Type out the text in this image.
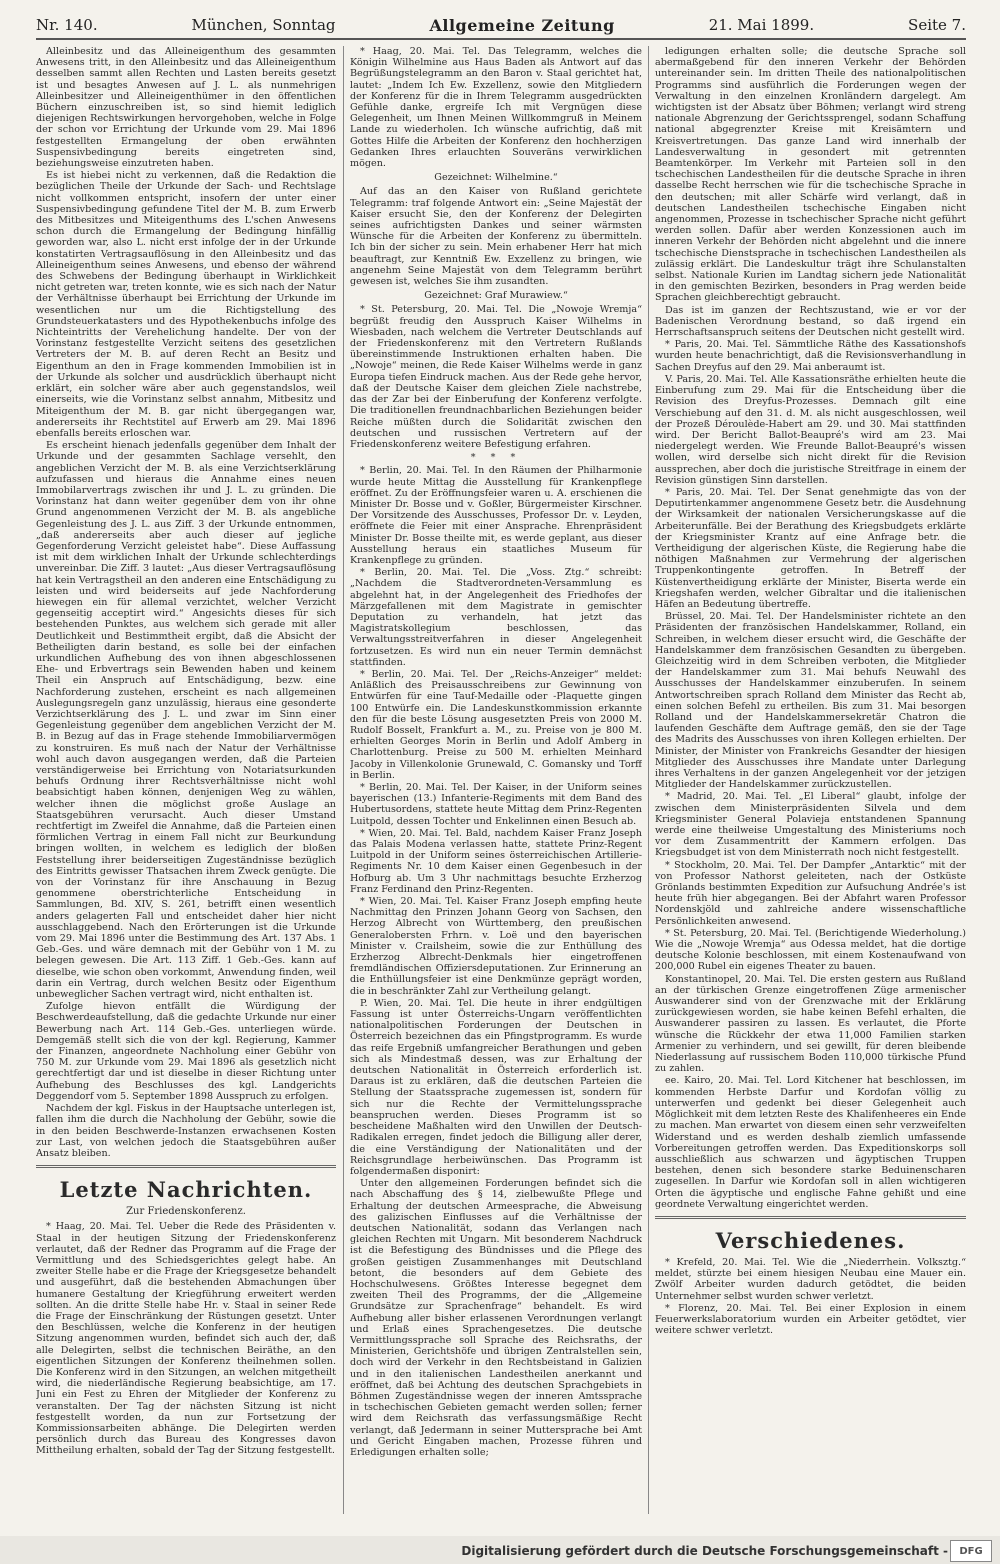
Nr. 140.	München, Sonntag	Allgemeine Zeitung	21. Mai 1899.	Seite 7.

Alleinbesitz und das Alleineigenthum des gesammten Anwesens tritt, in den Alleinbesitz und das Alleineigenthum desselben sammt allen Rechten und Lasten bereits gesetzt ist und besagtes Anwesen auf J. L. als nunmehrigen Alleinbesitzer und Alleineigenthümer in den öffentlichen Büchern einzuschreiben ist, so sind hiemit lediglich diejenigen Rechtswirkungen hervorgehoben, welche in Folge der schon vor Errichtung der Urkunde vom 29. Mai 1896 festgestellten Ermangelung der oben erwähnten Suspensivbedingung bereits eingetreten sind, beziehungsweise einzutreten haben.

Es ist hiebei nicht zu verkennen, daß die Redaktion die bezüglichen Theile der Urkunde der Sach- und Rechtslage nicht vollkommen entspricht, insofern der unter einer Suspensivbedingung gefundene Titel der M. B. zum Erwerb des Mitbesitzes und Miteigenthums des L'schen Anwesens schon durch die Ermangelung der Bedingung hinfällig geworden war, also L. nicht erst infolge der in der Urkunde konstatirten Vertragsauflösung in den Alleinbesitz und das Alleineigenthum seines Anwesens, und ebenso der während des Schwebens der Bedingung überhaupt in Wirklichkeit nicht getreten war, treten konnte, wie es sich nach der Natur der Verhältnisse überhaupt bei Errichtung der Urkunde im wesentlichen nur um die Richtigstellung des Grundsteuerkatasters und des Hypothekenbuchs infolge des Nichteintritts der Verehelichung handelte. Der von der Vorinstanz festgestellte Verzicht seitens des gesetzlichen Vertreters der M. B. auf deren Recht an Besitz und Eigenthum an den in Frage kommenden Immobilien ist in der Urkunde als solcher und ausdrücklich überhaupt nicht erklärt, ein solcher wäre aber auch gegenstandslos, weil einerseits, wie die Vorinstanz selbst annahm, Mitbesitz und Miteigenthum der M. B. gar nicht übergegangen war, andererseits ihr Rechtstitel auf Erwerb am 29. Mai 1896 ebenfalls bereits erloschen war.

Es erscheint hienach jedenfalls gegenüber dem Inhalt der Urkunde und der gesammten Sachlage versehlt, den angeblichen Verzicht der M. B. als eine Verzichtserklärung aufzufassen und hieraus die Annahme eines neuen Immobilarvertrags zwischen ihr und J. L. zu gründen. Die Vorinstanz hat dann weiter gegenüber dem von ihr ohne Grund angenommenen Verzicht der M. B. als angebliche Gegenleistung des J. L. aus Ziff. 3 der Urkunde entnommen, „daß andererseits aber auch dieser auf jegliche Gegenforderung Verzicht geleistet habe“. Diese Auffassung ist mit dem wirklichen Inhalt der Urkunde schlechterdings unvereinbar. Die Ziff. 3 lautet: „Aus dieser Vertragsauflösung hat kein Vertragstheil an den anderen eine Entschädigung zu leisten und wird beiderseits auf jede Nachforderung hiewegen ein für allemal verzichtet, welcher Verzicht gegenseitig acceptirt wird.“ Angesichts dieses für sich bestehenden Punktes, aus welchem sich gerade mit aller Deutlichkeit und Bestimmtheit ergibt, daß die Absicht der Betheiligten darin bestand, es solle bei der einfachen urkundlichen Aufhebung des von ihnen abgeschlossenen Ehe- und Erbvertrags sein Bewenden haben und keinem Theil ein Anspruch auf Entschädigung, bezw. eine Nachforderung zustehen, erscheint es nach allgemeinen Auslegungsregeln ganz unzulässig, hieraus eine gesonderte Verzichtserklärung des J. L. und zwar im Sinn einer Gegenleistung gegenüber dem angeblichen Verzicht der M. B. in Bezug auf das in Frage stehende Immobiliarvermögen zu konstruiren. Es muß nach der Natur der Verhältnisse wohl auch davon ausgegangen werden, daß die Parteien verständigerweise bei Errichtung von Notariatsurkunden behufs Ordnung ihrer Rechtsverhältnisse nicht wohl beabsichtigt haben können, denjenigen Weg zu wählen, welcher ihnen die möglichst große Auslage an Staatsgebühren verursacht. Auch dieser Umstand rechtfertigt im Zweifel die Annahme, daß die Parteien einen förmlichen Vertrag in einem Fall nicht zur Beurkundung bringen wollten, in welchem es lediglich der bloßen Feststellung ihrer beiderseitigen Zugeständnisse bezüglich des Eintritts gewisser Thatsachen ihrem Zweck genügte. Die von der Vorinstanz für ihre Anschauung in Bezug genommene oberstrichterliche Entscheidung in Sammlungen, Bd. XIV, S. 261, betrifft einen wesentlich anders gelagerten Fall und entscheidet daher hier nicht ausschlaggebend. Nach den Erörterungen ist die Urkunde vom 29. Mai 1896 unter die Bestimmung des Art. 137 Abs. 1 Geb.-Ges. und wäre demnach mit der Gebühr von 1 M. zu belegen gewesen. Die Art. 113 Ziff. 1 Geb.-Ges. kann auf dieselbe, wie schon oben vorkommt, Anwendung finden, weil darin ein Vertrag, durch welchen Besitz oder Eigenthum unbeweglicher Sachen vertragt wird, nicht enthalten ist.

Zufolge hievon entfällt die Würdigung der Beschwerdeaufstellung, daß die gedachte Urkunde nur einer Bewerbung nach Art. 114 Geb.-Ges. unterliegen würde. Demgemäß stellt sich die von der kgl. Regierung, Kammer der Finanzen, angeordnete Nachholung einer Gebühr von 750 M. zur Urkunde vom 29. Mai 1896 als gesetzlich nicht gerechtfertigt dar und ist dieselbe in dieser Richtung unter Aufhebung des Beschlusses des kgl. Landgerichts Deggendorf vom 5. September 1898 Ausspruch zu erfolgen.

Nachdem der kgl. Fiskus in der Hauptsache unterlegen ist, fallen ihm die durch die Nachholung der Gebühr, sowie die in den beiden Beschwerde-Instanzen erwachsenen Kosten zur Last, von welchen jedoch die Staatsgebühren außer Ansatz bleiben.

Letzte Nachrichten.
Zur Friedenskonferenz.

* Haag, 20. Mai. Tel. Ueber die Rede des Präsidenten v. Staal in der heutigen Sitzung der Friedenskonferenz verlautet, daß der Redner das Programm auf die Frage der Vermittlung und des Schiedsgerichtes gelegt habe. An zweiter Stelle habe er die Frage der Kriegsgesetze behandelt und ausgeführt, daß die bestehenden Abmachungen über humanere Gestaltung der Kriegführung erweitert werden sollten. An die dritte Stelle habe Hr. v. Staal in seiner Rede die Frage der Einschränkung der Rüstungen gesetzt. Unter den Beschlüssen, welche die Konferenz in der heutigen Sitzung angenommen wurden, befindet sich auch der, daß alle Delegirten, selbst die technischen Beiräthe, an den eigentlichen Sitzungen der Konferenz theilnehmen sollen. Die Konferenz wird in den Sitzungen, an welchen mitgetheilt wird, die niederländische Regierung beabsichtige, am 17. Juni ein Fest zu Ehren der Mitglieder der Konferenz zu veranstalten. Der Tag der nächsten Sitzung ist nicht festgestellt worden, da nun zur Fortsetzung der Kommissionsarbeiten abhänge. Die Delegirten werden persönlich durch das Bureau des Kongresses davon Mittheilung erhalten, sobald der Tag der Sitzung festgestellt.

* Haag, 20. Mai. Tel. Das Telegramm, welches die Königin Wilhelmine aus Haus Baden als Antwort auf das Begrüßungstelegramm an den Baron v. Staal gerichtet hat, lautet: „Indem Ich Ew. Exzellenz, sowie den Mitgliedern der Konferenz für die in Ihrem Telegramm ausgedrückten Gefühle danke, ergreife Ich mit Vergnügen diese Gelegenheit, um Ihnen Meinen Willkommgruß in Meinem Lande zu wiederholen. Ich wünsche aufrichtig, daß mit Gottes Hilfe die Arbeiten der Konferenz den hochherzigen Gedanken Ihres erlauchten Souveräns verwirklichen mögen.

Gezeichnet: Wilhelmine.“

Auf das an den Kaiser von Rußland gerichtete Telegramm: traf folgende Antwort ein: „Seine Majestät der Kaiser ersucht Sie, den der Konferenz der Delegirten seines aufrichtigsten Dankes und seiner wärmsten Wünsche für die Arbeiten der Konferenz zu übermitteln. Ich bin der sicher zu sein. Mein erhabener Herr hat mich beauftragt, zur Kenntniß Ew. Exzellenz zu bringen, wie angenehm Seine Majestät von dem Telegramm berührt gewesen ist, welches Sie ihm zusandten.

Gezeichnet: Graf Murawiew.“

* St. Petersburg, 20. Mai. Tel. Die „Nowoje Wremja“ begrüßt freudig den Ausspruch Kaiser Wilhelms in Wiesbaden, nach welchem die Vertreter Deutschlands auf der Friedenskonferenz mit den Vertretern Rußlands übereinstimmende Instruktionen erhalten haben. Die „Nowoje“ meinen, die Rede Kaiser Wilhelms werde in ganz Europa tiefen Eindruck machen. Aus der Rede gehe hervor, daß der Deutsche Kaiser dem gleichen Ziele nachstrebe, das der Zar bei der Einberufung der Konferenz verfolgte. Die traditionellen freundnachbarlichen Beziehungen beider Reiche müßten durch die Solidarität zwischen den deutschen und russischen Vertretern auf der Friedenskonferenz weitere Befestigung erfahren.

* * *

* Berlin, 20. Mai. Tel. In den Räumen der Philharmonie wurde heute Mittag die Ausstellung für Krankenpflege eröffnet. Zu der Eröffnungsfeier waren u. A. erschienen die Minister Dr. Bosse und v. Goßler, Bürgermeister Kirschner. Der Vorsitzende des Ausschusses, Professor Dr. v. Leyden, eröffnete die Feier mit einer Ansprache. Ehrenpräsident Minister Dr. Bosse theilte mit, es werde geplant, aus dieser Ausstellung heraus ein staatliches Museum für Krankenpflege zu gründen.

* Berlin, 20. Mai. Tel. Die „Voss. Ztg.“ schreibt: „Nachdem die Stadtverordneten-Versammlung es abgelehnt hat, in der Angelegenheit des Friedhofes der Märzgefallenen mit dem Magistrate in gemischter Deputation zu verhandeln, hat jetzt das Magistratskollegium beschlossen, das Verwaltungsstreitverfahren in dieser Angelegenheit fortzusetzen. Es wird nun ein neuer Termin demnächst stattfinden.

* Berlin, 20. Mai. Tel. Der „Reichs-Anzeiger“ meldet: Anläßlich des Preisausschreibens zur Gewinnung von Entwürfen für eine Tauf-Medaille oder -Plaquette gingen 100 Entwürfe ein. Die Landeskunstkommission erkannte den für die beste Lösung ausgesetzten Preis von 2000 M. Rudolf Bosselt, Frankfurt a. M., zu. Preise von je 800 M. erhielten Georges Morin in Berlin und Adolf Amberg in Charlottenburg. Preise zu 500 M. erhielten Meinhard Jacoby in Villenkolonie Grunewald, C. Gomansky und Torff in Berlin.

* Berlin, 20. Mai. Tel. Der Kaiser, in der Uniform seines bayerischen (13.) Infanterie-Regiments mit dem Band des Hubertusordens, stattete heute Mittag dem Prinz-Regenten Luitpold, dessen Tochter und Enkelinnen einen Besuch ab.

* Wien, 20. Mai. Tel. Bald, nachdem Kaiser Franz Joseph das Palais Modena verlassen hatte, stattete Prinz-Regent Luitpold in der Uniform seines österreichischen Artillerie-Regiments Nr. 10 dem Kaiser einen Gegenbesuch in der Hofburg ab. Um 3 Uhr nachmittags besuchte Erzherzog Franz Ferdinand den Prinz-Regenten.

* Wien, 20. Mai. Tel. Kaiser Franz Joseph empfing heute Nachmittag den Prinzen Johann Georg von Sachsen, den Herzog Albrecht von Württemberg, den preußischen Generalobersten Frhrn. v. Loë und den bayerischen Minister v. Crailsheim, sowie die zur Enthüllung des Erzherzog Albrecht-Denkmals hier eingetroffenen fremdländischen Offiziersdeputationen. Zur Erinnerung an die Enthüllungsfeier ist eine Denkmünze geprägt worden, die in beschränkter Zahl zur Vertheilung gelangt.

P. Wien, 20. Mai. Tel. Die heute in ihrer endgültigen Fassung ist unter Österreichs-Ungarn veröffentlichten nationalpolitischen Forderungen der Deutschen in Österreich bezeichnen das ein Pfingstprogramm. Es wurde das reife Ergebniß umfangreicher Berathungen und geben sich als Mindestmaß dessen, was zur Erhaltung der deutschen Nationalität in Österreich erforderlich ist. Daraus ist zu erklären, daß die deutschen Parteien die Stellung der Staatssprache zugemessen ist, sondern für sich nur die Rechte der Vermittelungssprache beanspruchen werden. Dieses Programm ist so bescheidene Maßhalten wird den Unwillen der Deutsch-Radikalen erregen, findet jedoch die Billigung aller derer, die eine Verständigung der Nationalitäten und der Reichsgrundlage herbeiwünschen. Das Programm ist folgendermaßen disponirt:

Unter den allgemeinen Forderungen befindet sich die nach Abschaffung des § 14, zielbewußte Pflege und Erhaltung der deutschen Armeesprache, die Abweisung des galizischen Einflusses auf die Verhältnisse der deutschen Nationalität, sodann das Verlangen nach gleichen Rechten mit Ungarn. Mit besonderem Nachdruck ist die Befestigung des Bündnisses und die Pflege des großen geistigen Zusammenhanges mit Deutschland betont, die besonders auf dem Gebiete des Hochschulwesens. Größtes Interesse begegnet dem zweiten Theil des Programms, der die „Allgemeine Grundsätze zur Sprachenfrage“ behandelt. Es wird Aufhebung aller bisher erlassenen Verordnungen verlangt und Erlaß eines Sprachengesetzes. Die deutsche Vermittlungssprache soll Sprache des Reichsraths, der Ministerien, Gerichtshöfe und übrigen Zentralstellen sein, doch wird der Verkehr in den Rechtsbeistand in Galizien und in den italienischen Landestheilen anerkannt und eröffnet, daß bei Achtung des deutschen Sprachgebiets in Böhmen Zugeständnisse wegen der inneren Amtssprache in tschechischen Gebieten gemacht werden sollen; ferner wird dem Reichsrath das verfassungsmäßige Recht verlangt, daß Jedermann in seiner Muttersprache bei Amt und Gericht Eingaben machen, Prozesse führen und Erledigungen erhalten solle;

ledigungen erhalten solle; die deutsche Sprache soll abermaßgebend für den inneren Verkehr der Behörden untereinander sein. Im dritten Theile des nationalpolitischen Programms sind ausführlich die Forderungen wegen der Verwaltung in den einzelnen Kronländern dargelegt. Am wichtigsten ist der Absatz über Böhmen; verlangt wird streng nationale Abgrenzung der Gerichtssprengel, sodann Schaffung national abgegrenzter Kreise mit Kreisämtern und Kreisvertretungen. Das ganze Land wird innerhalb der Landesverwaltung in gesondert mit getrennten Beamtenkörper. Im Verkehr mit Parteien soll in den tschechischen Landestheilen für die deutsche Sprache in ihren dasselbe Recht herrschen wie für die tschechische Sprache in den deutschen; mit aller Schärfe wird verlangt, daß in deutschen Landestheilen tschechische Eingaben nicht angenommen, Prozesse in tschechischer Sprache nicht geführt werden sollen. Dafür aber werden Konzessionen auch im inneren Verkehr der Behörden nicht abgelehnt und die innere tschechische Dienstsprache in tschechischen Landestheilen als zulässig erklärt. Die Landeskultur trägt ihre Schulanstalten selbst. Nationale Kurien im Landtag sichern jede Nationalität in den gemischten Bezirken, besonders in Prag werden beide Sprachen gleichberechtigt gebraucht.

Das ist im ganzen der Rechtszustand, wie er vor der Badenischen Verordnung bestand, so daß irgend ein Herrschaftsanspruch seitens der Deutschen nicht gestellt wird.

* Paris, 20. Mai. Tel. Sämmtliche Räthe des Kassationshofs wurden heute benachrichtigt, daß die Revisionsverhandlung in Sachen Dreyfus auf den 29. Mai anberaumt ist.

V. Paris, 20. Mai. Tel. Alle Kassationsräthe erhielten heute die Einberufung zum 29. Mai für die Entscheidung über die Revision des Dreyfus-Prozesses. Demnach gilt eine Verschiebung auf den 31. d. M. als nicht ausgeschlossen, weil der Prozeß Déroulède-Habert am 29. und 30. Mai stattfinden wird. Der Bericht Ballot-Beaupré's wird am 23. Mai niedergelegt werden. Wie Freunde Ballot-Beaupré's wissen wollen, wird derselbe sich nicht direkt für die Revision aussprechen, aber doch die juristische Streitfrage in einem der Revision günstigen Sinn darstellen.

* Paris, 20. Mai. Tel. Der Senat genehmigte das von der Deputirtenkammer angenommene Gesetz betr. die Ausdehnung der Wirksamkeit der nationalen Versicherungskasse auf die Arbeiterunfälle. Bei der Berathung des Kriegsbudgets erklärte der Kriegsminister Krantz auf eine Anfrage betr. die Vertheidigung der algerischen Küste, die Regierung habe die nöthigen Maßnahmen zur Vermehrung der algerischen Truppenkontingente getroffen. In Betreff der Küstenvertheidigung erklärte der Minister, Biserta werde ein Kriegshafen werden, welcher Gibraltar und die italienischen Häfen an Bedeutung übertreffe.

Brüssel, 20. Mai. Tel. Der Handelsminister richtete an den Präsidenten der französischen Handelskammer, Rolland, ein Schreiben, in welchem dieser ersucht wird, die Geschäfte der Handelskammer dem französischen Gesandten zu übergeben. Gleichzeitig wird in dem Schreiben verboten, die Mitglieder der Handelskammer zum 31. Mai behufs Neuwahl des Ausschusses der Handelskammer einzuberufen. In seinem Antwortschreiben sprach Rolland dem Minister das Recht ab, einen solchen Befehl zu ertheilen. Bis zum 31. Mai besorgen Rolland und der Handelskammersekretär Chatron die laufenden Geschäfte dem Auftrage gemäß, den sie der Tage des Madrits des Ausschusses von ihren Kollegen erhielten. Der Minister, der Minister von Frankreichs Gesandter der hiesigen Mitglieder des Ausschusses ihre Mandate unter Darlegung ihres Verhaltens in der ganzen Angelegenheit vor der jetzigen Mitglieder der Handelskammer zurückzustellen.

* Madrid, 20. Mai. Tel. „El Liberal“ glaubt, infolge der zwischen dem Ministerpräsidenten Silvela und dem Kriegsminister General Polavieja entstandenen Spannung werde eine theilweise Umgestaltung des Ministeriums noch vor dem Zusammentritt der Kammern erfolgen. Das Kriegsbudget ist von dem Ministerrath noch nicht festgestellt.

* Stockholm, 20. Mai. Tel. Der Dampfer „Antarktic“ mit der von Professor Nathorst geleiteten, nach der Ostküste Grönlands bestimmten Expedition zur Aufsuchung Andrée's ist heute früh hier abgegangen. Bei der Abfahrt waren Professor Nordenskjöld und zahlreiche andere wissenschaftliche Persönlichkeiten anwesend.

* St. Petersburg, 20. Mai. Tel. (Berichtigende Wiederholung.) Wie die „Nowoje Wremja“ aus Odessa meldet, hat die dortige deutsche Kolonie beschlossen, mit einem Kostenaufwand von 200,000 Rubel ein eigenes Theater zu bauen.

Konstantinopel, 20. Mai. Tel. Die ersten gestern aus Rußland an der türkischen Grenze eingetroffenen Züge armenischer Auswanderer sind von der Grenzwache mit der Erklärung zurückgewiesen worden, sie habe keinen Befehl erhalten, die Auswanderer passiren zu lassen. Es verlautet, die Pforte wünsche die Rückkehr der etwa 11,000 Familien starken Armenier zu verhindern, und sei gewillt, für deren bleibende Niederlassung auf russischem Boden 110,000 türkische Pfund zu zahlen.

ee. Kairo, 20. Mai. Tel. Lord Kitchener hat beschlossen, im kommenden Herbste Darfur und Kordofan völlig zu unterwerfen und gedenkt bei dieser Gelegenheit auch Möglichkeit mit dem letzten Reste des Khalifenheeres ein Ende zu machen. Man erwartet von diesem einen sehr verzweifelten Widerstand und es werden deshalb ziemlich umfassende Vorbereitungen getroffen werden. Das Expeditionskorps soll ausschließlich aus schwarzen und ägyptischen Truppen bestehen, denen sich besondere starke Beduinenscharen zugesellen. In Darfur wie Kordofan soll in allen wichtigeren Orten die ägyptische und englische Fahne gehißt und eine geordnete Verwaltung eingerichtet werden.

Verschiedenes.

* Krefeld, 20. Mai. Tel. Wie die „Niederrhein. Volksztg.“ meldet, stürzte bei einem hiesigen Neubau eine Mauer ein. Zwölf Arbeiter wurden dadurch getödtet, die beiden Unternehmer selbst wurden schwer verletzt.

* Florenz, 20. Mai. Tel. Bei einer Explosion in einem Feuerwerkslaboratorium wurden ein Arbeiter getödtet, vier weitere schwer verletzt.

Digitalisierung gefördert durch die Deutsche Forschungsgemeinschaft -	DFG
